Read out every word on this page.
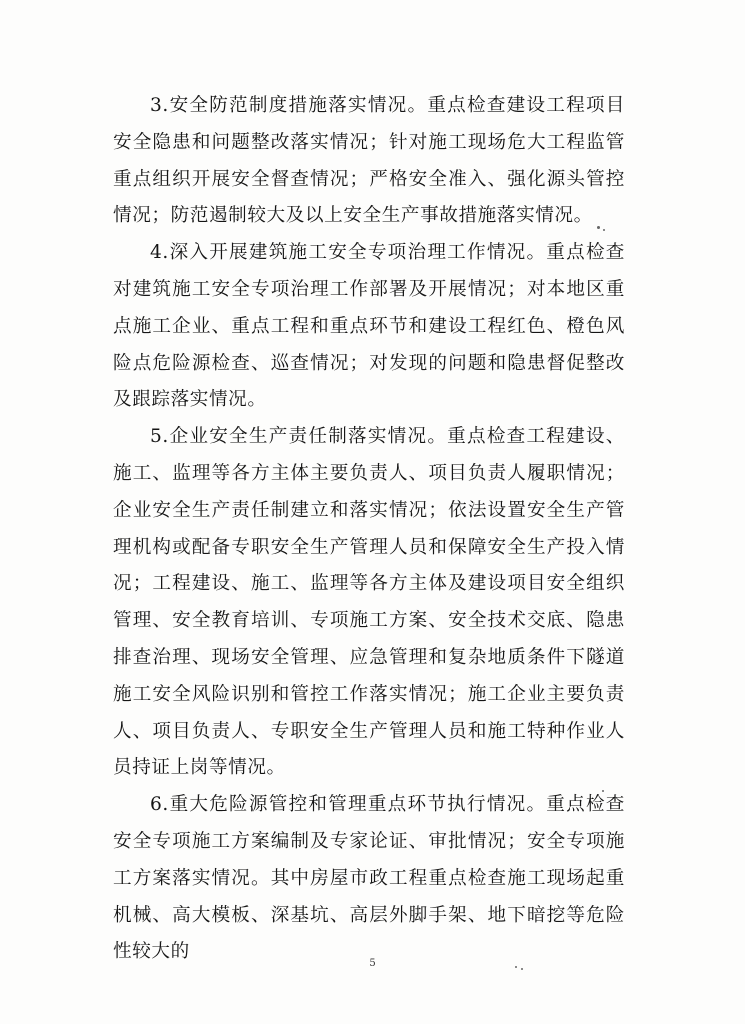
3.安全防范制度措施落实情况。重点检查建设工程项目安全隐患和问题整改落实情况；针对施工现场危大工程监管重点组织开展安全督查情况；严格安全准入、强化源头管控情况；防范遏制较大及以上安全生产事故措施落实情况。

4.深入开展建筑施工安全专项治理工作情况。重点检查对建筑施工安全专项治理工作部署及开展情况；对本地区重点施工企业、重点工程和重点环节和建设工程红色、橙色风险点危险源检查、巡查情况；对发现的问题和隐患督促整改及跟踪落实情况。

5.企业安全生产责任制落实情况。重点检查工程建设、施工、监理等各方主体主要负责人、项目负责人履职情况；企业安全生产责任制建立和落实情况；依法设置安全生产管理机构或配备专职安全生产管理人员和保障安全生产投入情况；工程建设、施工、监理等各方主体及建设项目安全组织管理、安全教育培训、专项施工方案、安全技术交底、隐患排查治理、现场安全管理、应急管理和复杂地质条件下隧道施工安全风险识别和管控工作落实情况；施工企业主要负责人、项目负责人、专职安全生产管理人员和施工特种作业人员持证上岗等情况。

6.重大危险源管控和管理重点环节执行情况。重点检查安全专项施工方案编制及专家论证、审批情况；安全专项施工方案落实情况。其中房屋市政工程重点检查施工现场起重机械、高大模板、深基坑、高层外脚手架、地下暗挖等危险性较大的

5
